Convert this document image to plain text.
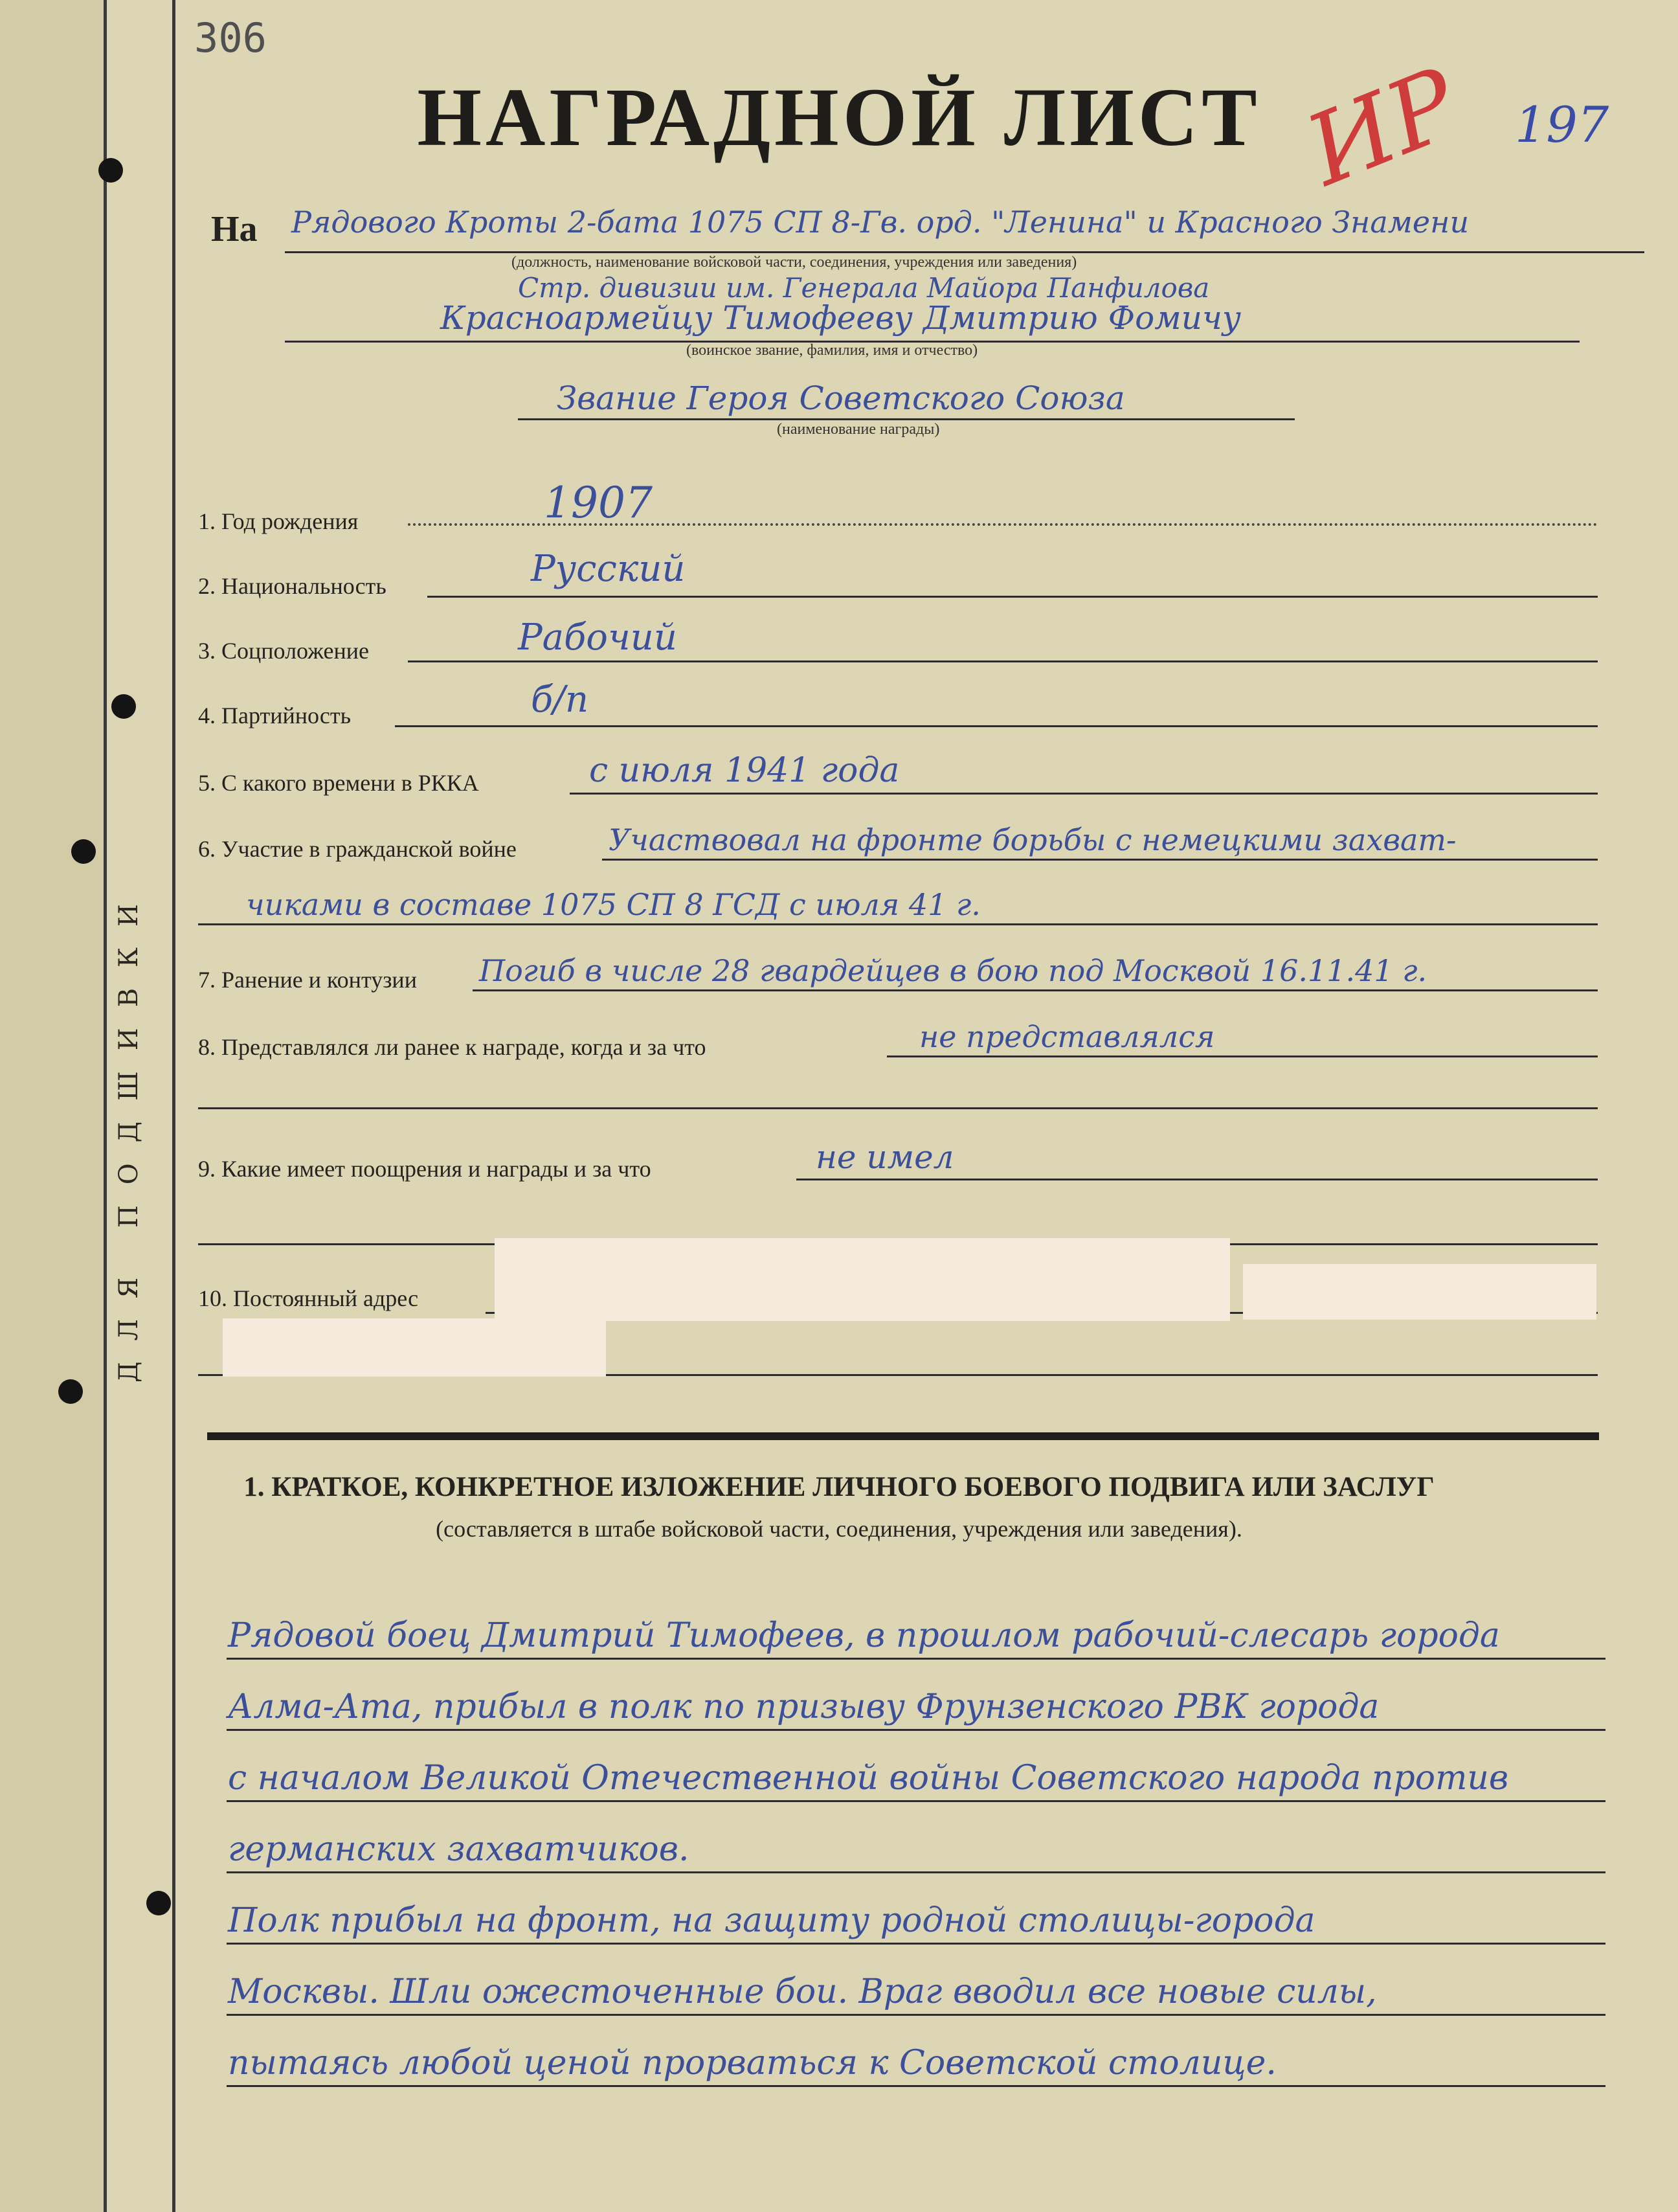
ДЛЯ ПОДШИВКИ
306
НАГРАДНОЙ ЛИСТ ИР 197
На Рядового Кроты 2-бата 1075 СП 8-Гв. орд. "Ленина" и Красного Знамени
(должность, наименование войсковой части, соединения, учреждения или заведения)
Стр. дивизии им. Генерала Майора Панфилова
Красноармейцу Тимофееву Дмитрию Фомичу
(воинское звание, фамилия, имя и отчество)
Звание Героя Советского Союза
(наименование награды)
1. Год рождения	1907
2. Национальность	Русский
3. Соцположение	Рабочий
4. Партийность	б/п
5. С какого времени в РККА	с июля 1941 года
6. Участие в гражданской войне	Участвовал на фронте борьбы с немецкими захват-
чиками в составе 1075 СП 8 ГСД с июля 41 г.
7. Ранение и контузии Погиб в числе 28 гвардейцев в бою под Москвой 16.11.41 г.
8. Представлялся ли ранее к награде, когда и за что	не представлялся
9. Какие имеет поощрения и награды и за что	не имел
10. Постоянный адрес
1. КРАТКОЕ, КОНКРЕТНОЕ ИЗЛОЖЕНИЕ ЛИЧНОГО БОЕВОГО ПОДВИГА ИЛИ ЗАСЛУГ
(составляется в штабе войсковой части, соединения, учреждения или заведения).
Рядовой боец Дмитрий Тимофеев, в прошлом рабочий-слесарь города
Алма-Ата, прибыл в полк по призыву Фрунзенского РВК города
с началом Великой Отечественной войны Советского народа против
германских захватчиков.
Полк прибыл на фронт, на защиту родной столицы-города
Москвы. Шли ожесточенные бои. Враг вводил все новые силы,
пытаясь любой ценой прорваться к Советской столице.
